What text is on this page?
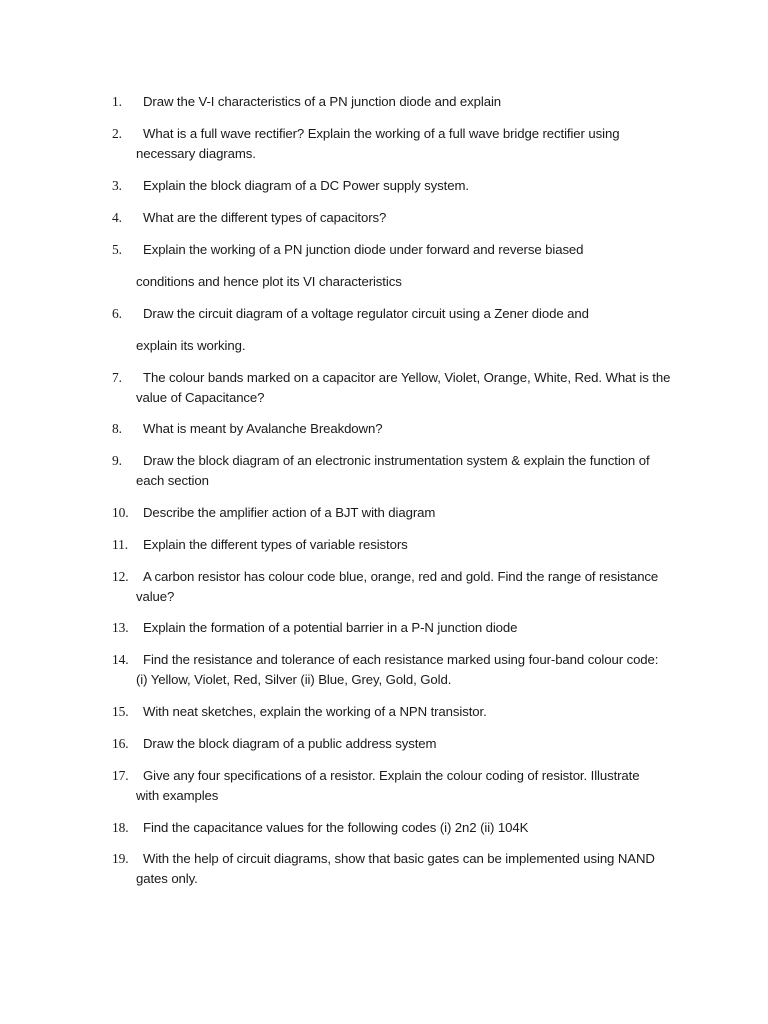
1. Draw the V-I characteristics of a PN junction diode and explain
2. What is a full wave rectifier? Explain the working of a full wave bridge rectifier using
necessary diagrams.
3. Explain the block diagram of a DC Power supply system.
4. What are the different types of capacitors?
5. Explain the working of a PN junction diode under forward and reverse biased
conditions and hence plot its VI characteristics
6. Draw the circuit diagram of a voltage regulator circuit using a Zener diode and
explain its working.
7. The colour bands marked on a capacitor are Yellow, Violet, Orange, White, Red. What is the
value of Capacitance?
8. What is meant by Avalanche Breakdown?
9. Draw the block diagram of an electronic instrumentation system & explain the function of
each section
10. Describe the amplifier action of a BJT with diagram
11. Explain the different types of variable resistors
12. A carbon resistor has colour code blue, orange, red and gold. Find the range of resistance
value?
13. Explain the formation of a potential barrier in a P-N junction diode
14. Find the resistance and tolerance of each resistance marked using four-band colour code:
(i) Yellow, Violet, Red, Silver (ii) Blue, Grey, Gold, Gold.
15. With neat sketches, explain the working of a NPN transistor.
16. Draw the block diagram of a public address system
17. Give any four specifications of a resistor. Explain the colour coding of resistor. Illustrate
with examples
18. Find the capacitance values for the following codes (i) 2n2 (ii) 104K
19. With the help of circuit diagrams, show that basic gates can be implemented using NAND
gates only.
